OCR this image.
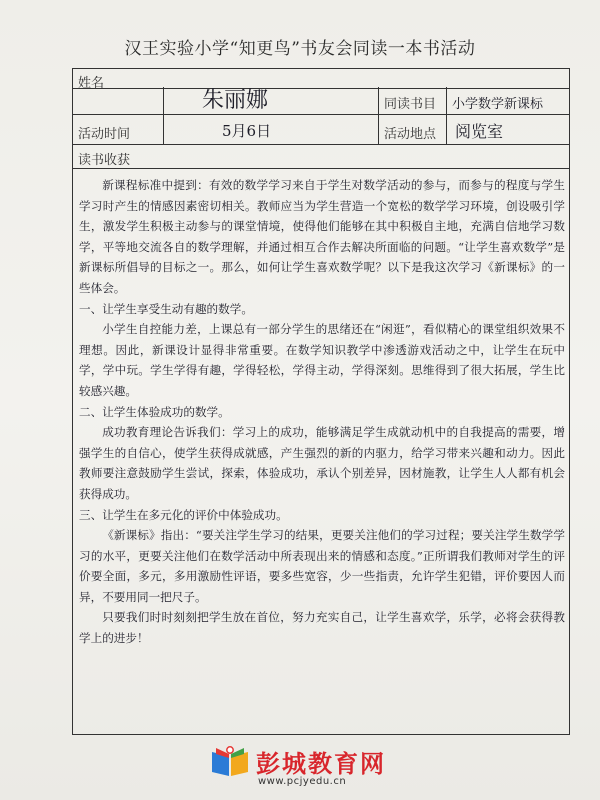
汉王实验小学“知更鸟”书友会同读一本书活动
姓名
朱丽娜	同读书目	小学数学新课标
活动时间	5月6日	活动地点	阅览室
读书收获

新课程标准中提到：有效的数学学习来自于学生对数学活动的参与，而参与的程度与学生学习时产生的情感因素密切相关。教师应当为学生营造一个宽松的数学学习环境，创设吸引学生，激发学生积极主动参与的课堂情境，使得他们能够在其中积极自主地，充满自信地学习数学，平等地交流各自的数学理解，并通过相互合作去解决所面临的问题。“让学生喜欢数学”是新课标所倡导的目标之一。那么，如何让学生喜欢数学呢？以下是我这次学习《新课标》的一些体会。

一、让学生享受生动有趣的数学。

小学生自控能力差，上课总有一部分学生的思绪还在“闲逛”，看似精心的课堂组织效果不理想。因此，新课设计显得非常重要。在数学知识教学中渗透游戏活动之中，让学生在玩中学，学中玩。学生学得有趣，学得轻松，学得主动，学得深刻。思维得到了很大拓展，学生比较感兴趣。

二、让学生体验成功的数学。

成功教育理论告诉我们：学习上的成功，能够满足学生成就动机中的自我提高的需要，增强学生的自信心，使学生获得成就感，产生强烈的新的内驱力，给学习带来兴趣和动力。因此教师要注意鼓励学生尝试，探索，体验成功，承认个别差异，因材施教，让学生人人都有机会获得成功。

三、让学生在多元化的评价中体验成功。

《新课标》指出：“要关注学生学习的结果，更要关注他们的学习过程；要关注学生数学学习的水平，更要关注他们在数学活动中所表现出来的情感和态度。”正所谓我们教师对学生的评价要全面，多元，多用激励性评语，要多些宽容，少一些指责，允许学生犯错，评价要因人而异，不要用同一把尺子。

只要我们时时刻刻把学生放在首位，努力充实自己，让学生喜欢学，乐学，必将会获得教学上的进步！

彭城教育网
www.pcjyedu.cn
